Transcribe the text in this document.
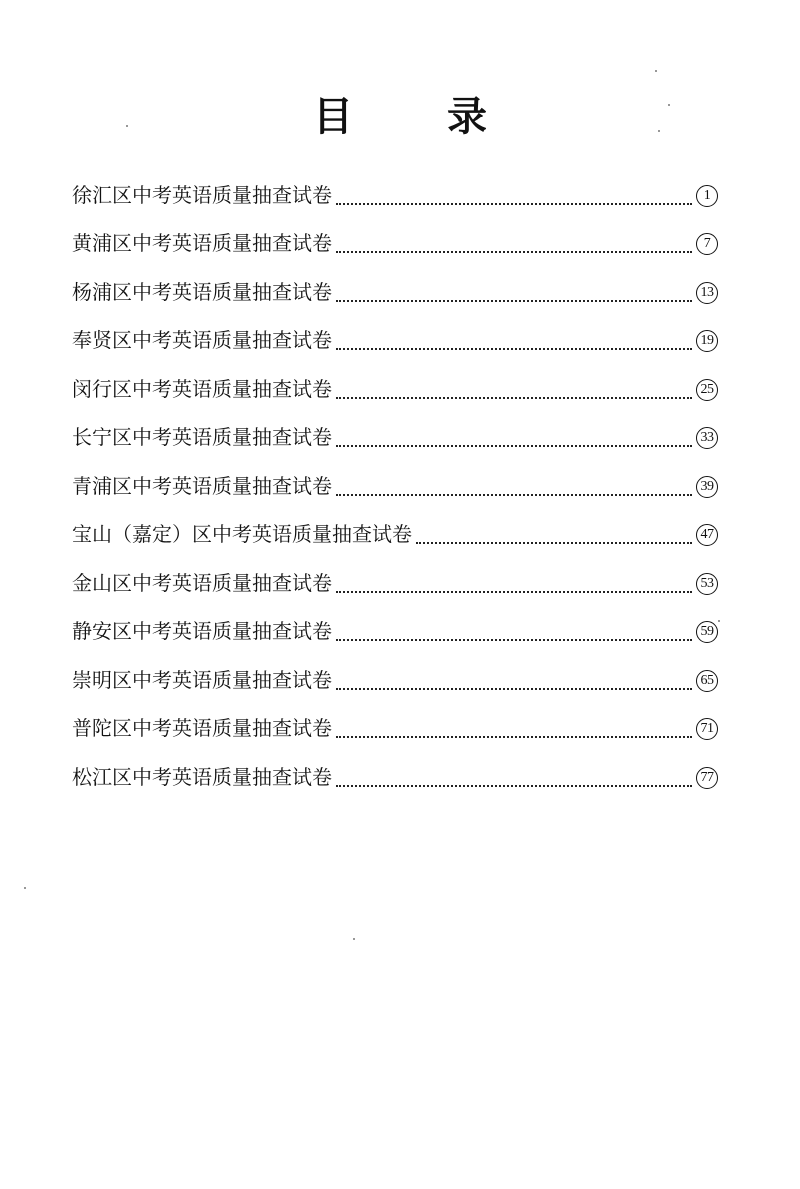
目 录
徐汇区中考英语质量抽查试卷	1
黄浦区中考英语质量抽查试卷	7
杨浦区中考英语质量抽查试卷	13
奉贤区中考英语质量抽查试卷	19
闵行区中考英语质量抽查试卷	25
长宁区中考英语质量抽查试卷	33
青浦区中考英语质量抽查试卷	39
宝山（嘉定）区中考英语质量抽查试卷	47
金山区中考英语质量抽查试卷	53
静安区中考英语质量抽查试卷	59
崇明区中考英语质量抽查试卷	65
普陀区中考英语质量抽查试卷	71
松江区中考英语质量抽查试卷	77
